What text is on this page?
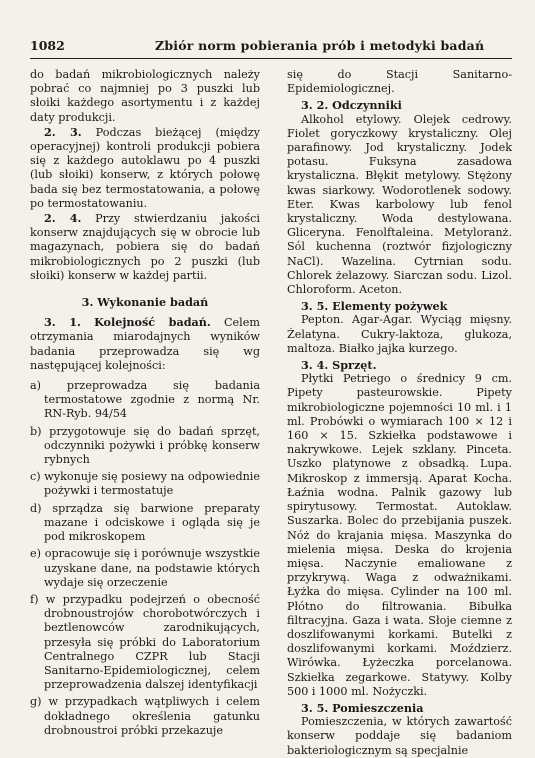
1082	Zbiór norm pobierania prób i metodyki badań

do badań mikrobiologicznych należy pobrać co najmniej po 3 puszki lub słoiki każdego asortymentu i z każdej daty produkcji.

2. 3. Podczas bieżącej (między operacyjnej) kontroli produkcji pobiera się z każdego autoklawu po 4 puszki (lub słoiki) konserw, z których połowę bada się bez termostatowania, a połowę po termostatowaniu.

2. 4. Przy stwierdzaniu jakości konserw znajdujących się w obrocie lub magazynach, pobiera się do badań mikrobiologicznych po 2 puszki (lub słoiki) konserw w każdej partii.

3. Wykonanie badań

3. 1. Kolejność badań. Celem otrzymania miarodajnych wyników badania przeprowadza się wg następującej kolejności:

a) przeprowadza się badania termostatowe zgodnie z normą Nr. RN-Ryb. 94/54

b) przygotowuje się do badań sprzęt, odczynniki pożywki i próbkę konserw rybnych

c) wykonuje się posiewy na odpowiednie pożywki i termostatuje

d) sprządza się barwione preparaty mazane i odciskowe i ogląda się je pod mikroskopem

e) opracowuje się i porównuje wszystkie uzyskane dane, na podstawie których wydaje się orzeczenie

f) w przypadku podejrzeń o obecność drobnoustrojów chorobotwórczych i beztlenowców zarodnikujących, przesyła się próbki do Laboratorium Centralnego CZPR lub Stacji Sanitarno-Epidemiologicznej, celem przeprowadzenia dalszej identyfikacji

g) w przypadkach wątpliwych i celem dokładnego określenia gatunku drobnoustroi próbki przekazuje

się do Stacji Sanitarno-Epidemiologicznej.

3. 2. Odczynniki

Alkohol etylowy. Olejek cedrowy. Fiolet goryczkowy krystaliczny. Olej parafinowy. Jod krystaliczny. Jodek potasu. Fuksyna zasadowa krystaliczna. Błękit metylowy. Stężony kwas siarkowy. Wodorotlenek sodowy. Eter. Kwas karbolowy lub fenol krystaliczny. Woda destylowana. Gliceryna. Fenolftaleina. Metyloranż. Sól kuchenna (roztwór fizjologiczny NaCl). Wazelina. Cytrnian sodu. Chlorek żelazowy. Siarczan sodu. Lizol. Chloroform. Aceton.

3. 5. Elementy pożywek

Pepton. Agar-Agar. Wyciąg mięsny. Żelatyna. Cukry-laktoza, glukoza, maltoza. Białko jajka kurzego.

3. 4. Sprzęt.

Płytki Petriego o średnicy 9 cm. Pipety pasteurowskie. Pipety mikrobiologiczne pojemności 10 ml. i 1 ml. Probówki o wymiarach 100 × 12 i 160 × 15. Szkiełka podstawowe i nakrywkowe. Lejek szklany. Pinceta. Uszko platynowe z obsadką. Lupa. Mikroskop z immersją. Aparat Kocha. Łaźnia wodna. Palnik gazowy lub spirytusowy. Termostat. Autoklaw. Suszarka. Bolec do przebijania puszek. Nóż do krajania mięsa. Maszynka do mielenia mięsa. Deska do krojenia mięsa. Naczynie emaliowane z przykrywą. Waga z odważnikami. Łyżka do mięsa. Cylinder na 100 ml. Płótno do filtrowania. Bibułka filtracyjna. Gaza i wata. Słoje ciemne z doszlifowanymi korkami. Butelki z doszlifowanymi korkami. Moździerz. Wirówka. Łyżeczka porcelanowa. Szkiełka zegarkowe. Statywy. Kolby 500 i 1000 ml. Nożyczki.

3. 5. Pomieszczenia

Pomieszczenia, w których zawartość konserw poddaje się badaniom bakteriologicznym są specjalnie
